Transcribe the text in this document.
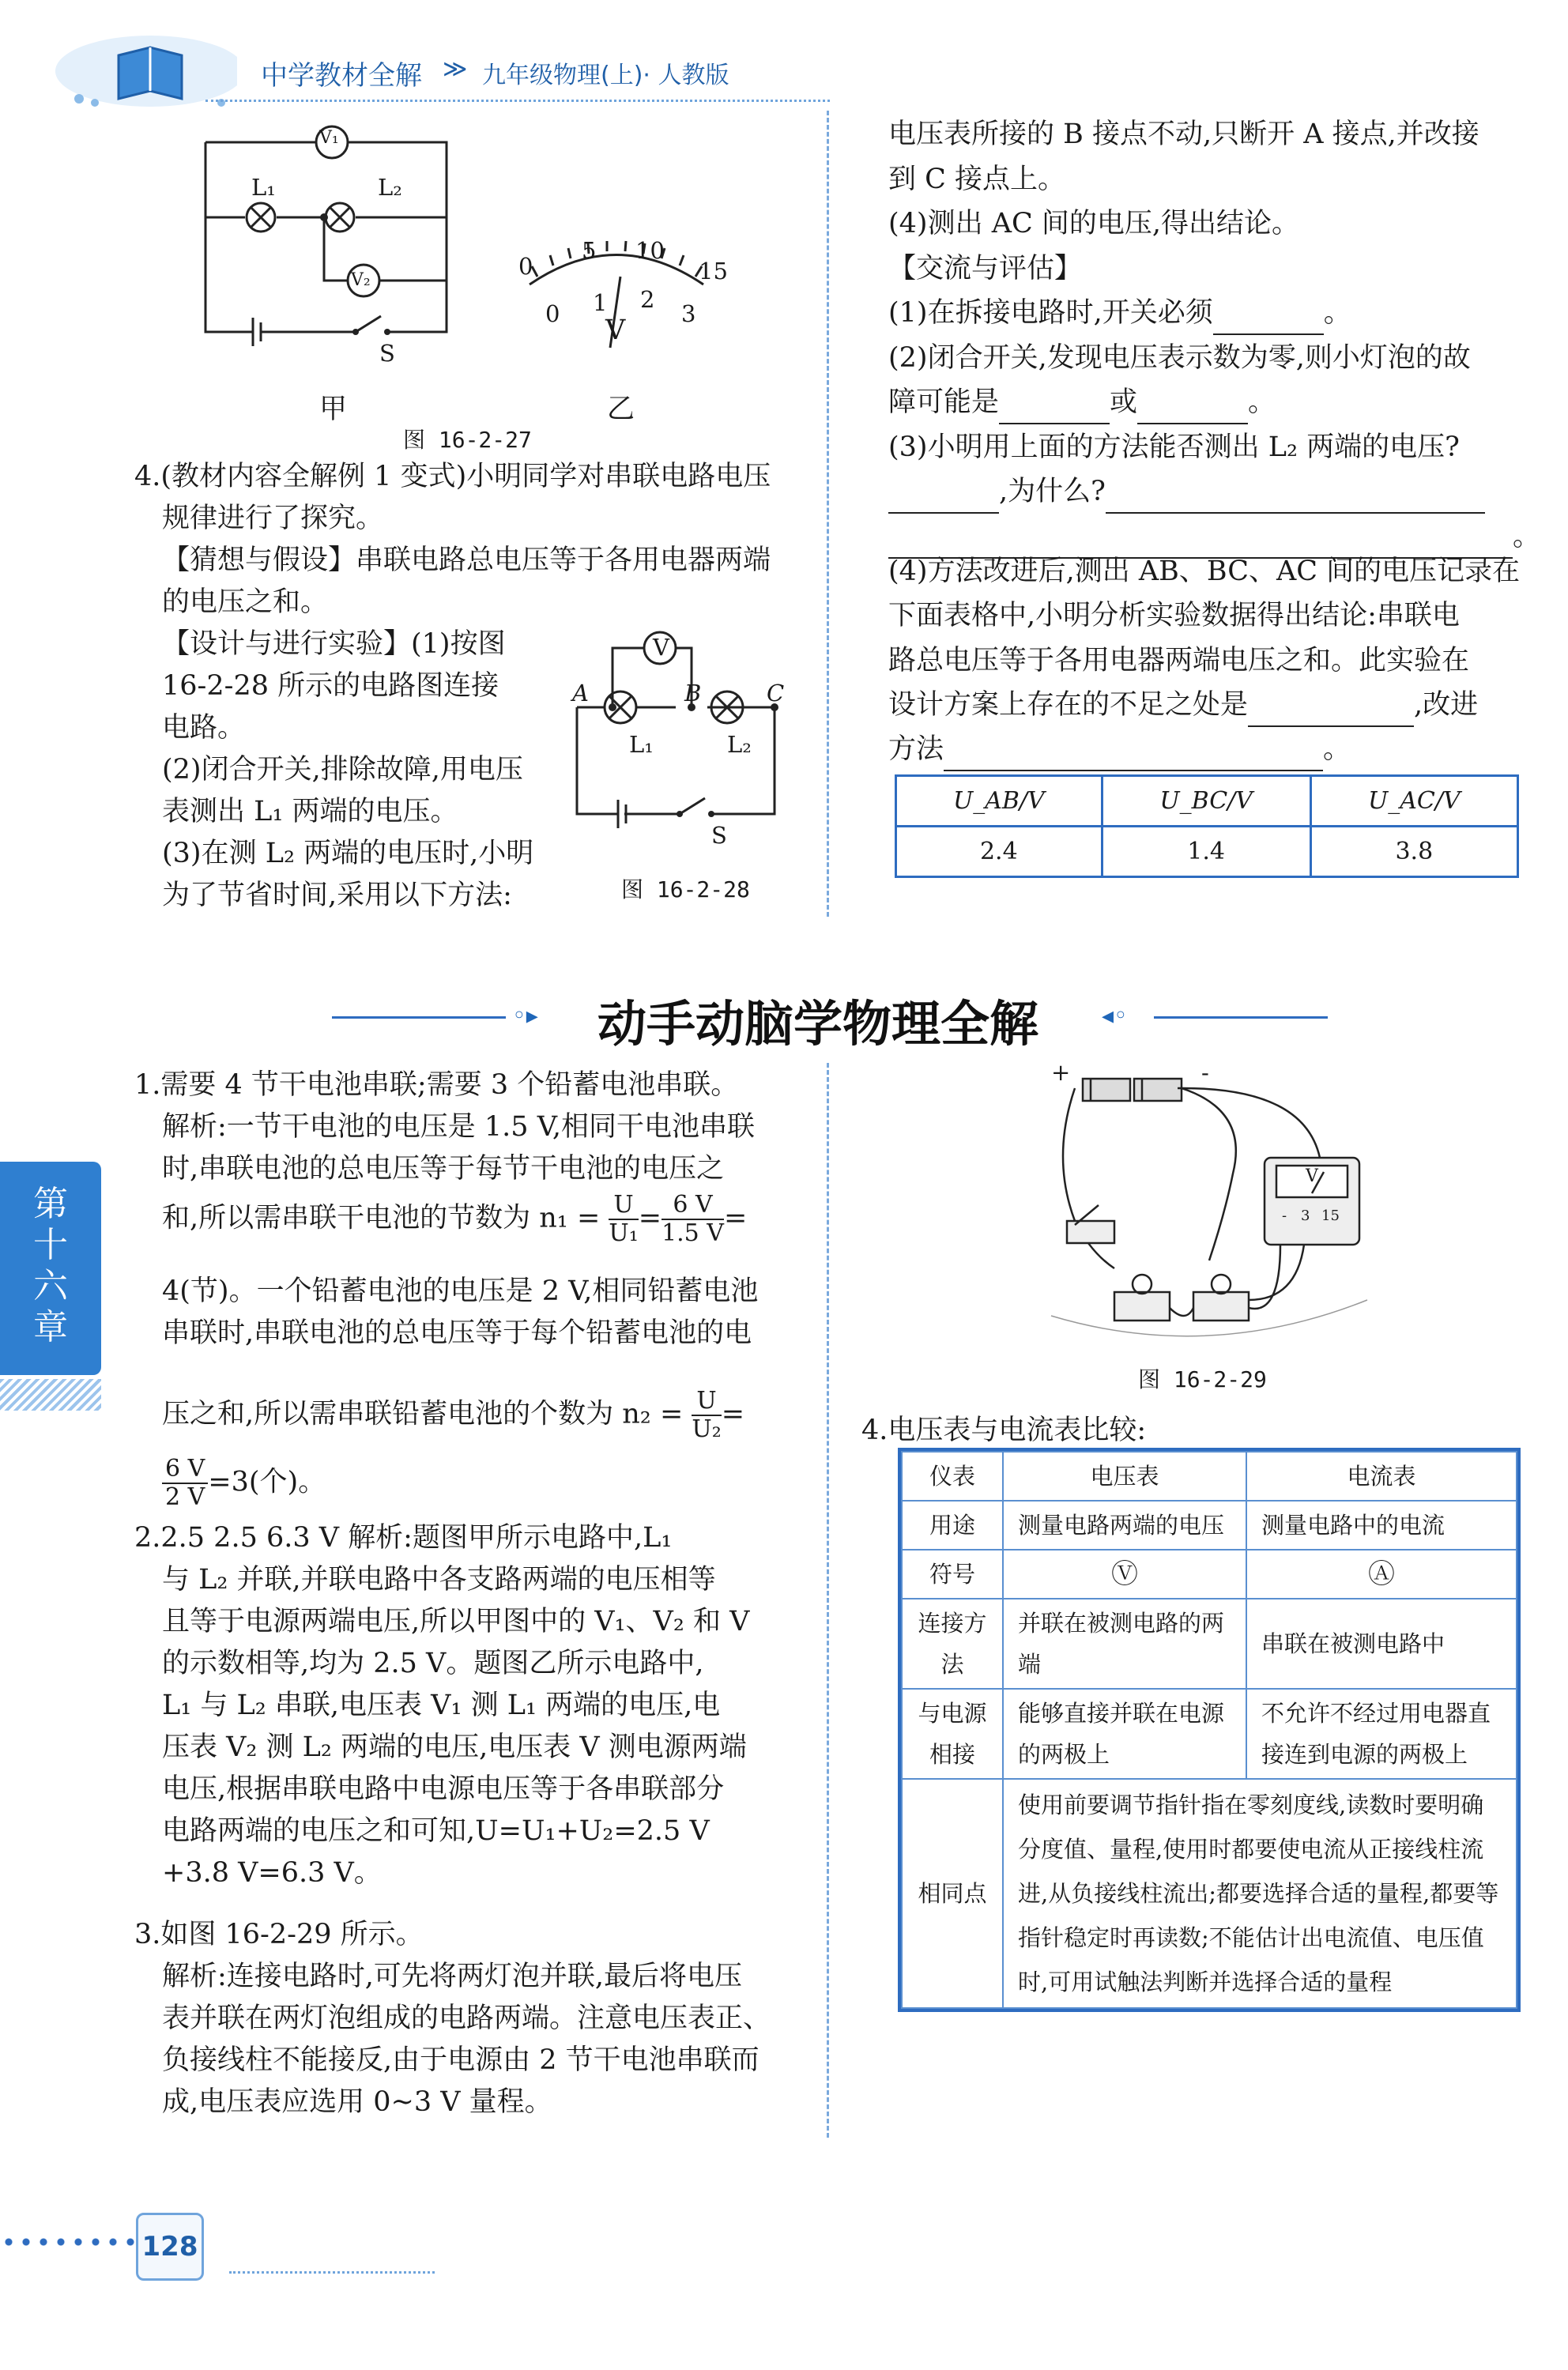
中学教材全解 ≫ 九年级物理(上)· 人教版
V₁
L₁	L₂
V₂
S
甲
0
5 10
15
0 1 2
3
V
乙
图 16-2-27
4.(教材内容全解例 1 变式)小明同学对串联电路电压
规律进行了探究。
【猜想与假设】串联电路总电压等于各用电器两端
的电压之和。
【设计与进行实验】(1)按图
16-2-28 所示的电路图连接
电路。
(2)闭合开关,排除故障,用电压
表测出 L₁ 两端的电压。
(3)在测 L₂ 两端的电压时,小明
为了节省时间,采用以下方法:
V
A	B	C
L₁	L₂
S
图 16-2-28
电压表所接的 B 接点不动,只断开 A 接点,并改接
到 C 接点上。
(4)测出 AC 间的电压,得出结论。
【交流与评估】
(1)在拆接电路时,开关必须	。
(2)闭合开关,发现电压表示数为零,则小灯泡的故
障可能是	或	。
(3)小明用上面的方法能否测出 L₂ 两端的电压?
,为什么?
。
(4)方法改进后,测出 AB、BC、AC 间的电压记录在
下面表格中,小明分析实验数据得出结论:串联电
路总电压等于各用电器两端电压之和。此实验在
设计方案上存在的不足之处是	,改进
方法	。
U_AB/V	U_BC/V	U_AC/V
2.4	1.4	3.8
◦▸ 动手动脑学物理全解	◂◦
第十六章
1.需要 4 节干电池串联;需要 3 个铅蓄电池串联。
解析:一节干电池的电压是 1.5 V,相同干电池串联
时,串联电池的总电压等于每节干电池的电压之
和,所以需串联干电池的节数为 $n_1 = \frac{U}{\text{U₁}} = \frac{6 V}{1.5 V}$ =
4(节)。一个铅蓄电池的电压是 2 V,相同铅蓄电池
串联时,串联电池的总电压等于每个铅蓄电池的电
压之和,所以需串联铅蓄电池的个数为 $n_2 = \frac{U}{\text{U₂}}$ =
$\frac{6 V}{2 V} =3$(个)。
2.2.5 2.5 6.3 V 解析:题图甲所示电路中,L₁
与 L₂ 并联,并联电路中各支路两端的电压相等
且等于电源两端电压,所以甲图中的 V₁、V₂ 和 V
的示数相等,均为 2.5 V。题图乙所示电路中,
L₁ 与 L₂ 串联,电压表 V₁ 测 L₁ 两端的电压,电
压表 V₂ 测 L₂ 两端的电压,电压表 V 测电源两端
电压,根据串联电路中电源电压等于各串联部分
电路两端的电压之和可知,U=U₁+U₂=2.5 V
+3.8 V=6.3 V。
3.如图 16-2-29 所示。
解析:连接电路时,可先将两灯泡并联,最后将电压
表并联在两灯泡组成的电路两端。注意电压表正、
负接线柱不能接反,由于电源由 2 节干电池串联而
成,电压表应选用 0~3 V 量程。
+	-
V
- 3 15
图 16-2-29
4.电压表与电流表比较:
仪表	电压表	电流表
用途	测量电路两端的电压	测量电路中的电流
符号	Ⓥ	Ⓐ
连接方法	并联在被测电路的两端	串联在被测电路中
与电源相接	能够直接并联在电源的两极上	不允许不经过用电器直接连到电源的两极上
相同点	使用前要调节指针指在零刻度线,读数时要明确分度值、量程,使用时都要使电流从正接线柱流进,从负接线柱流出;都要选择合适的量程,都要等指针稳定时再读数;不能估计出电流值、电压值时,可用试触法判断并选择合适的量程	
128
